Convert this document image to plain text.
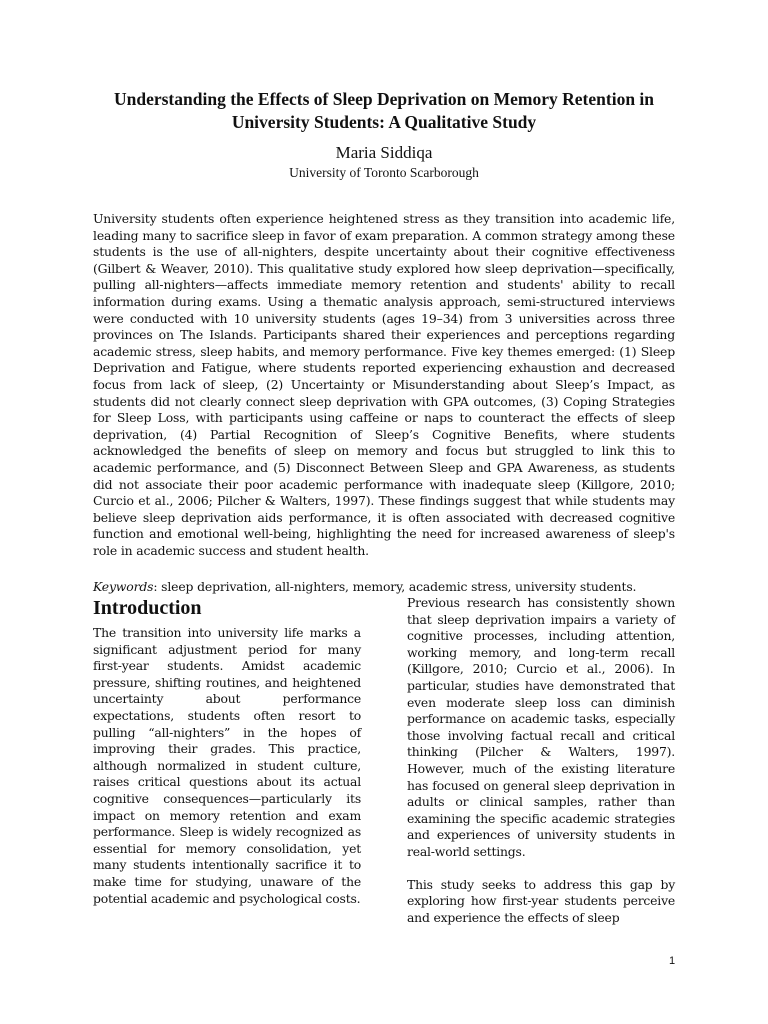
Understanding the Effects of Sleep Deprivation on Memory Retention in University Students: A Qualitative Study

Maria Siddiqa

University of Toronto Scarborough

University students often experience heightened stress as they transition into academic life, leading many to sacrifice sleep in favor of exam preparation. A common strategy among these students is the use of all-nighters, despite uncertainty about their cognitive effectiveness (Gilbert & Weaver, 2010). This qualitative study explored how sleep deprivation—specifically, pulling all-nighters—affects immediate memory retention and students' ability to recall information during exams. Using a thematic analysis approach, semi-structured interviews were conducted with 10 university students (ages 19–34) from 3 universities across three provinces on The Islands. Participants shared their experiences and perceptions regarding academic stress, sleep habits, and memory performance. Five key themes emerged: (1) Sleep Deprivation and Fatigue, where students reported experiencing exhaustion and decreased focus from lack of sleep, (2) Uncertainty or Misunderstanding about Sleep’s Impact, as students did not clearly connect sleep deprivation with GPA outcomes, (3) Coping Strategies for Sleep Loss, with participants using caffeine or naps to counteract the effects of sleep deprivation, (4) Partial Recognition of Sleep’s Cognitive Benefits, where students acknowledged the benefits of sleep on memory and focus but struggled to link this to academic performance, and (5) Disconnect Between Sleep and GPA Awareness, as students did not associate their poor academic performance with inadequate sleep (Killgore, 2010; Curcio et al., 2006; Pilcher & Walters, 1997). These findings suggest that while students may believe sleep deprivation aids performance, it is often associated with decreased cognitive function and emotional well-being, highlighting the need for increased awareness of sleep's role in academic success and student health.

Keywords: sleep deprivation, all-nighters, memory, academic stress, university students.

Introduction

The transition into university life marks a significant adjustment period for many first-year students. Amidst academic pressure, shifting routines, and heightened uncertainty about performance expectations, students often resort to pulling “all-nighters” in the hopes of improving their grades. This practice, although normalized in student culture, raises critical questions about its actual cognitive consequences—particularly its impact on memory retention and exam performance. Sleep is widely recognized as essential for memory consolidation, yet many students intentionally sacrifice it to make time for studying, unaware of the potential academic and psychological costs.

Previous research has consistently shown that sleep deprivation impairs a variety of cognitive processes, including attention, working memory, and long-term recall (Killgore, 2010; Curcio et al., 2006). In particular, studies have demonstrated that even moderate sleep loss can diminish performance on academic tasks, especially those involving factual recall and critical thinking (Pilcher & Walters, 1997). However, much of the existing literature has focused on general sleep deprivation in adults or clinical samples, rather than examining the specific academic strategies and experiences of university students in real-world settings.

This study seeks to address this gap by exploring how first-year students perceive and experience the effects of sleep

1
